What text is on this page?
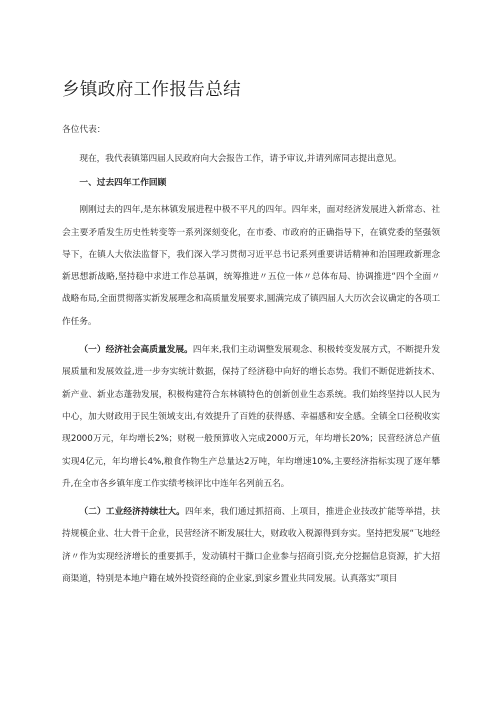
乡镇政府工作报告总结
各位代表：

现在，我代表镇第四届人民政府向大会报告工作，请予审议,并请列席同志提出意见。

一、过去四年工作回顾

刚刚过去的四年,是东林镇发展进程中极不平凡的四年。四年来，面对经济发展进入新常态、社会主要矛盾发生历史性转变等一系列深刻变化，在市委、市政府的正确指导下，在镇党委的坚强领导下，在镇人大依法监督下，我们深入学习贯彻习近平总书记系列重要讲话精神和治国理政新理念新思想新战略,坚持稳中求进工作总基调，统筹推进〃五位一体〃总体布局、协调推进“四个全面〃战略布局,全面贯彻落实新发展理念和高质量发展要求,圆满完成了镇四届人大历次会议确定的各项工作任务。

（一）经济社会高质量发展。四年来,我们主动调整发展观念、积极转变发展方式，不断提升发展质量和发展效益,进一步夯实统计数据，保持了经济稳中向好的增长态势。我们不断促进新技术、新产业、新业态蓬勃发展，积极构建符合东林镇特色的创新创业生态系统。我们始终坚持以人民为中心，加大财政用于民生领域支出,有效提升了百姓的获得感、幸福感和安全感。全镇全口径税收实现2000万元，年均增长2%；财税一般预算收入完成2000万元，年均增长20%；民营经济总产值实现4亿元，年均增长4%,粮食作物生产总量达2万吨，年均增速10%,主要经济指标实现了逐年攀升,在全市各乡镇年度工作实绩考核评比中连年名列前五名。

（二）工业经济持续壮大。四年来，我们通过抓招商、上项目，推进企业技改扩能等举措，扶持规模企业、壮大骨干企业，民营经济不断发展壮大，财政收入税源得到夯实。坚持把发展“飞地经济〃作为实现经济增长的重要抓手，发动镇村干撕口企业参与招商引资,充分挖掘信息资源，扩大招商渠道，特别是本地户籍在域外投资经商的企业家,到家乡置业共同发展。认真落实”项目
